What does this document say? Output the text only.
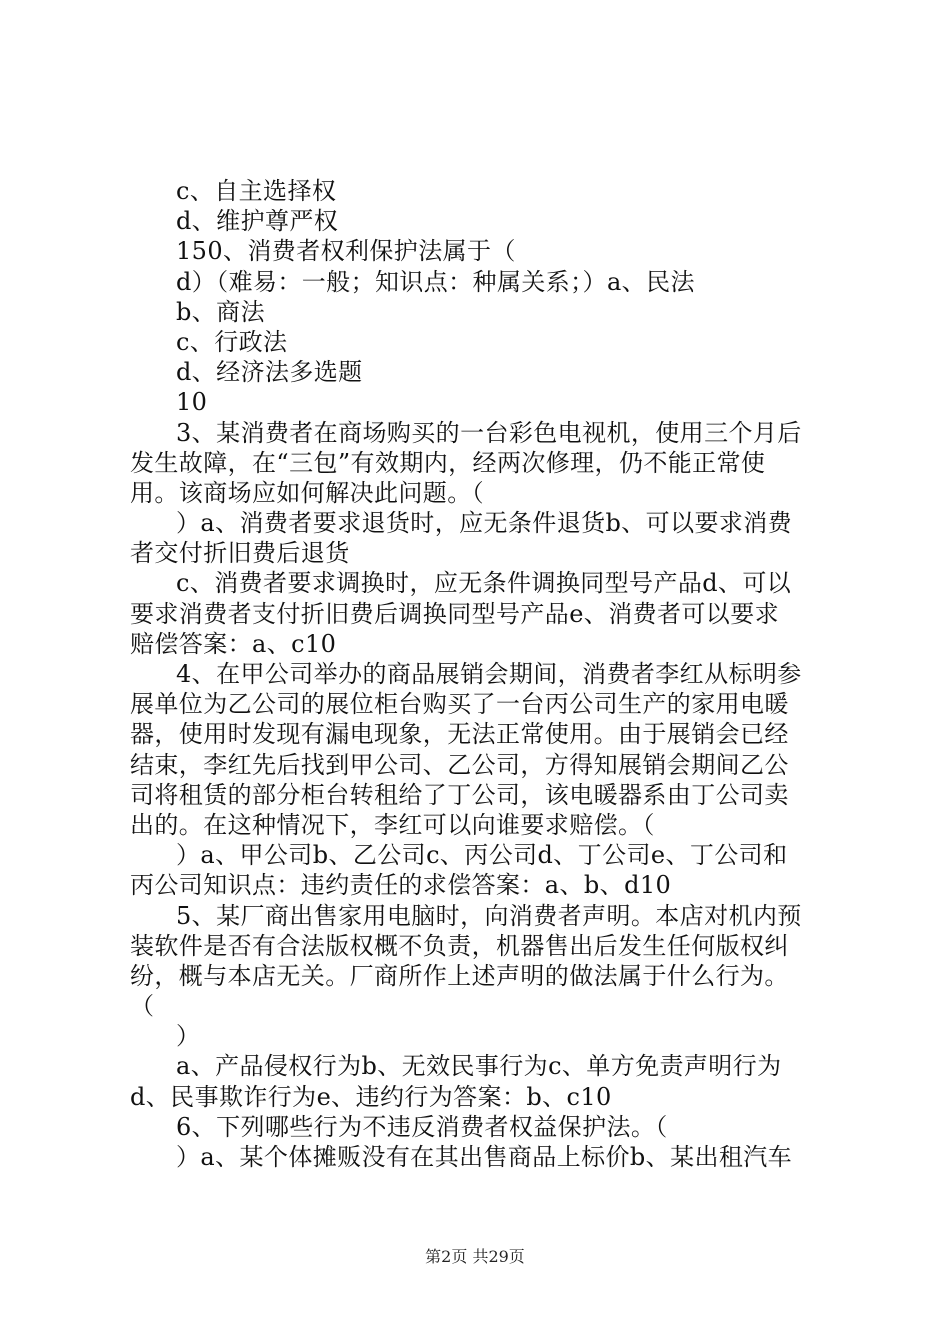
c、自主选择权
d、维护尊严权
150、消费者权利保护法属于（
d）（难易：一般；知识点：种属关系；）a、民法
b、商法
c、行政法
d、经济法多选题
10
3、某消费者在商场购买的一台彩色电视机，使用三个月后
发生故障，在“三包”有效期内，经两次修理，仍不能正常使
用。该商场应如何解决此问题。（
）a、消费者要求退货时，应无条件退货b、可以要求消费
者交付折旧费后退货
c、消费者要求调换时，应无条件调换同型号产品d、可以
要求消费者支付折旧费后调换同型号产品e、消费者可以要求
赔偿答案：a、c10
4、在甲公司举办的商品展销会期间，消费者李红从标明参
展单位为乙公司的展位柜台购买了一台丙公司生产的家用电暖
器，使用时发现有漏电现象，无法正常使用。由于展销会已经
结束，李红先后找到甲公司、乙公司，方得知展销会期间乙公
司将租赁的部分柜台转租给了丁公司，该电暖器系由丁公司卖
出的。在这种情况下，李红可以向谁要求赔偿。（
）a、甲公司b、乙公司c、丙公司d、丁公司e、丁公司和
丙公司知识点：违约责任的求偿答案：a、b、d10
5、某厂商出售家用电脑时，向消费者声明。本店对机内预
装软件是否有合法版权概不负责，机器售出后发生任何版权纠
纷，概与本店无关。厂商所作上述声明的做法属于什么行为。
（
）
a、产品侵权行为b、无效民事行为c、单方免责声明行为
d、民事欺诈行为e、违约行为答案：b、c10
6、下列哪些行为不违反消费者权益保护法。（
）a、某个体摊贩没有在其出售商品上标价b、某出租汽车
第2页 共29页
